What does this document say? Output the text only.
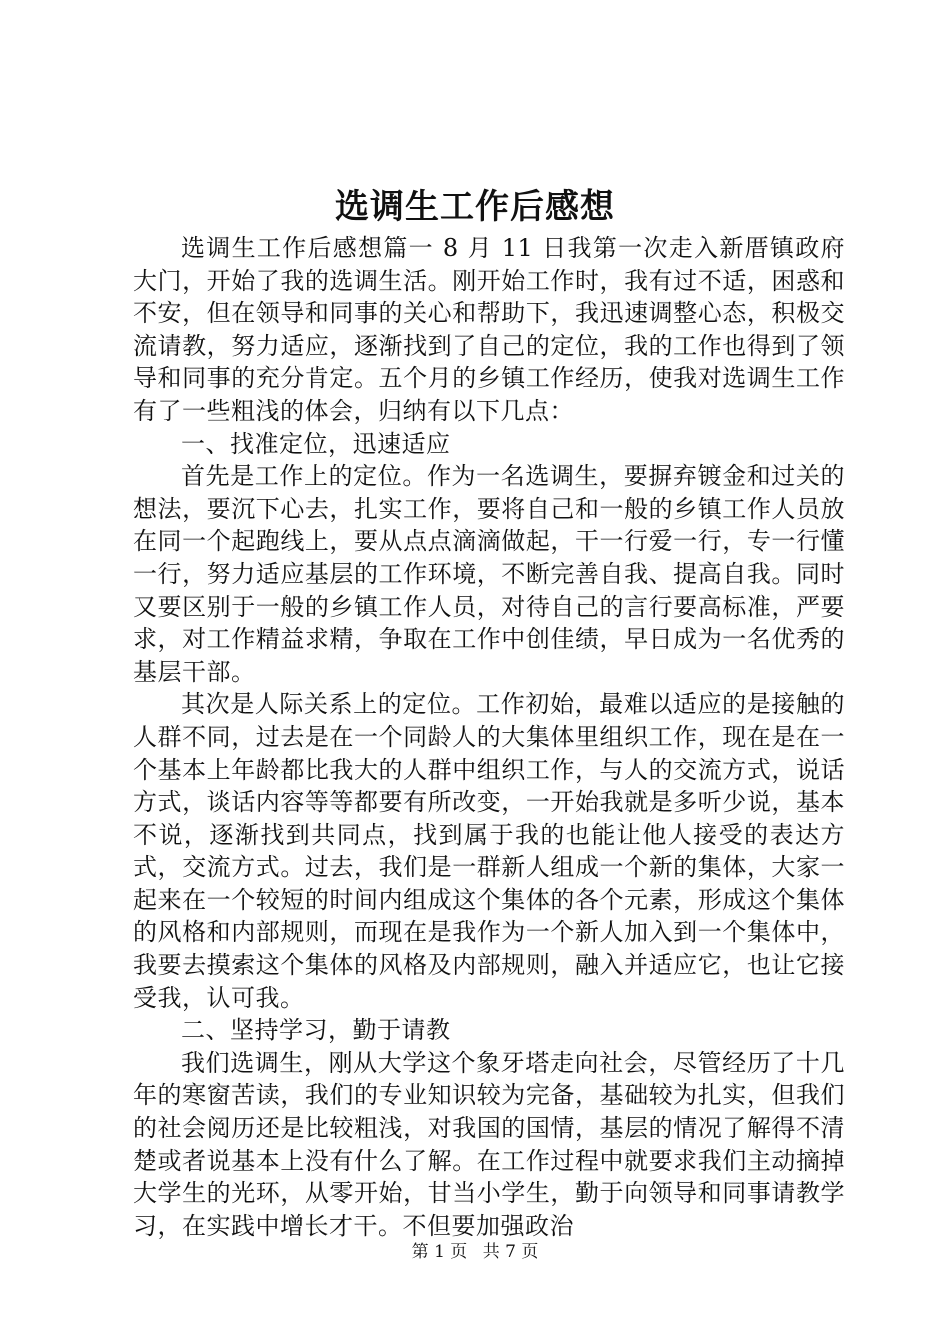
选调生工作后感想

选调生工作后感想篇一 8 月 11 日我第一次走入新厝镇政府大门，开始了我的选调生活。刚开始工作时，我有过不适，困惑和不安，但在领导和同事的关心和帮助下，我迅速调整心态，积极交流请教，努力适应，逐渐找到了自己的定位，我的工作也得到了领导和同事的充分肯定。五个月的乡镇工作经历，使我对选调生工作有了一些粗浅的体会，归纳有以下几点：

一、找准定位，迅速适应

首先是工作上的定位。作为一名选调生，要摒弃镀金和过关的想法，要沉下心去，扎实工作，要将自己和一般的乡镇工作人员放在同一个起跑线上，要从点点滴滴做起，干一行爱一行，专一行懂一行，努力适应基层的工作环境，不断完善自我、提高自我。同时又要区别于一般的乡镇工作人员，对待自己的言行要高标准，严要求，对工作精益求精，争取在工作中创佳绩，早日成为一名优秀的基层干部。

其次是人际关系上的定位。工作初始，最难以适应的是接触的人群不同，过去是在一个同龄人的大集体里组织工作，现在是在一个基本上年龄都比我大的人群中组织工作，与人的交流方式，说话方式，谈话内容等等都要有所改变，一开始我就是多听少说，基本不说，逐渐找到共同点，找到属于我的也能让他人接受的表达方式，交流方式。过去，我们是一群新人组成一个新的集体，大家一起来在一个较短的时间内组成这个集体的各个元素，形成这个集体的风格和内部规则，而现在是我作为一个新人加入到一个集体中，我要去摸索这个集体的风格及内部规则，融入并适应它，也让它接受我，认可我。

二、坚持学习，勤于请教

我们选调生，刚从大学这个象牙塔走向社会，尽管经历了十几年的寒窗苦读，我们的专业知识较为完备，基础较为扎实，但我们的社会阅历还是比较粗浅，对我国的国情，基层的情况了解得不清楚或者说基本上没有什么了解。在工作过程中就要求我们主动摘掉大学生的光环，从零开始，甘当小学生，勤于向领导和同事请教学习，在实践中增长才干。不但要加强政治

第 1 页 共 7 页
